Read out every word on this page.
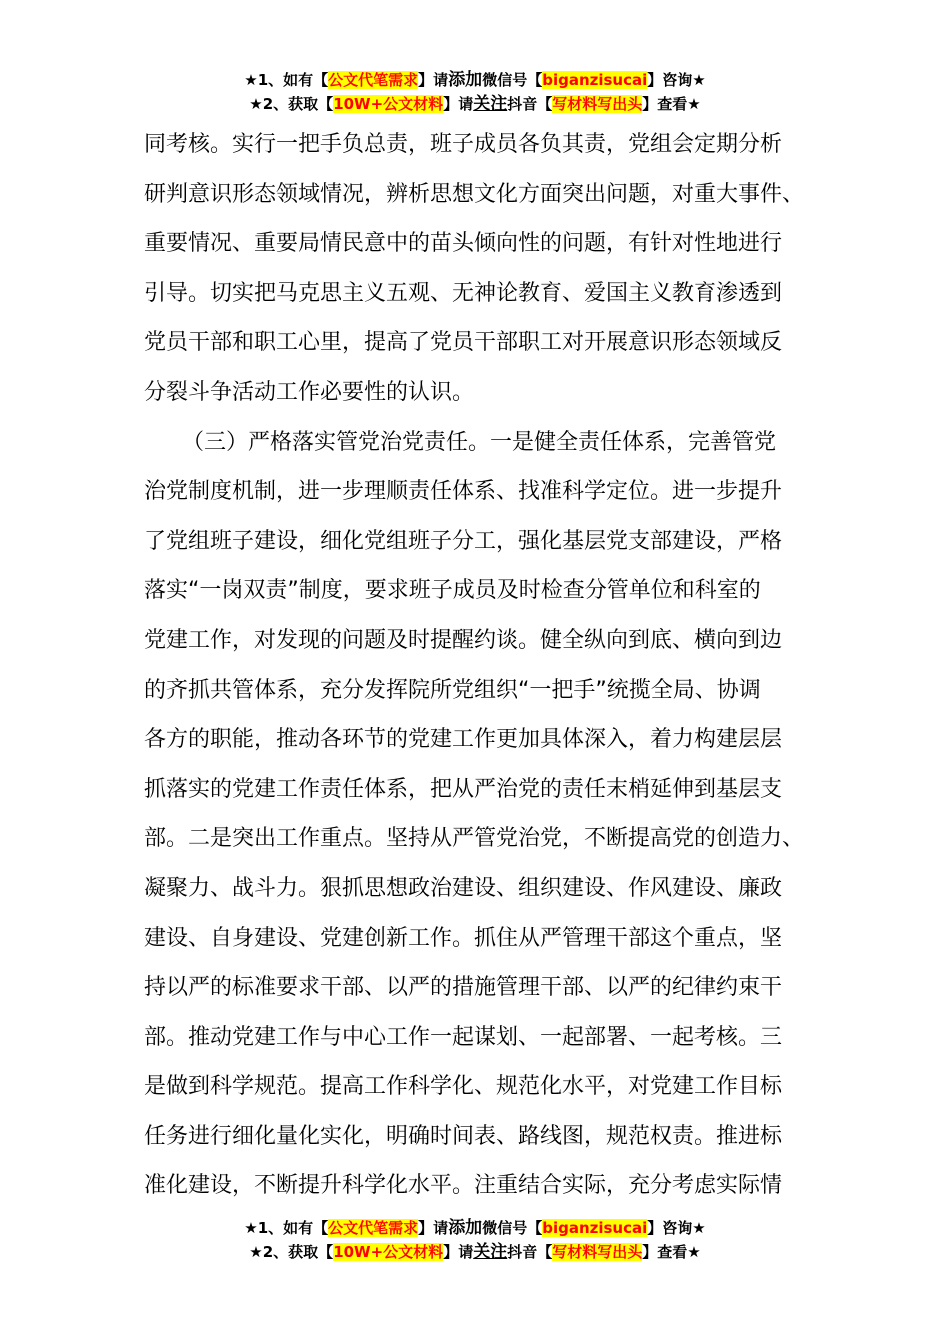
★1、如有【公文代笔需求】请添加微信号【biganzisucai】咨询★
★2、获取【10W+公文材料】请关注抖音【写材料写出头】查看★
同考核。实行一把手负总责，班子成员各负其责，党组会定期分析
研判意识形态领域情况，辨析思想文化方面突出问题，对重大事件、
重要情况、重要局情民意中的苗头倾向性的问题，有针对性地进行
引导。切实把马克思主义五观、无神论教育、爱国主义教育渗透到
党员干部和职工心里，提高了党员干部职工对开展意识形态领域反
分裂斗争活动工作必要性的认识。
（三）严格落实管党治党责任。一是健全责任体系，完善管党
治党制度机制，进一步理顺责任体系、找准科学定位。进一步提升
了党组班子建设，细化党组班子分工，强化基层党支部建设，严格
落实“一岗双责”制度，要求班子成员及时检查分管单位和科室的
党建工作，对发现的问题及时提醒约谈。健全纵向到底、横向到边
的齐抓共管体系，充分发挥院所党组织“一把手”统揽全局、协调
各方的职能，推动各环节的党建工作更加具体深入，着力构建层层
抓落实的党建工作责任体系，把从严治党的责任末梢延伸到基层支
部。二是突出工作重点。坚持从严管党治党，不断提高党的创造力、
凝聚力、战斗力。狠抓思想政治建设、组织建设、作风建设、廉政
建设、自身建设、党建创新工作。抓住从严管理干部这个重点，坚
持以严的标准要求干部、以严的措施管理干部、以严的纪律约束干
部。推动党建工作与中心工作一起谋划、一起部署、一起考核。三
是做到科学规范。提高工作科学化、规范化水平，对党建工作目标
任务进行细化量化实化，明确时间表、路线图，规范权责。推进标
准化建设，不断提升科学化水平。注重结合实际，充分考虑实际情
★1、如有【公文代笔需求】请添加微信号【biganzisucai】咨询★
★2、获取【10W+公文材料】请关注抖音【写材料写出头】查看★
